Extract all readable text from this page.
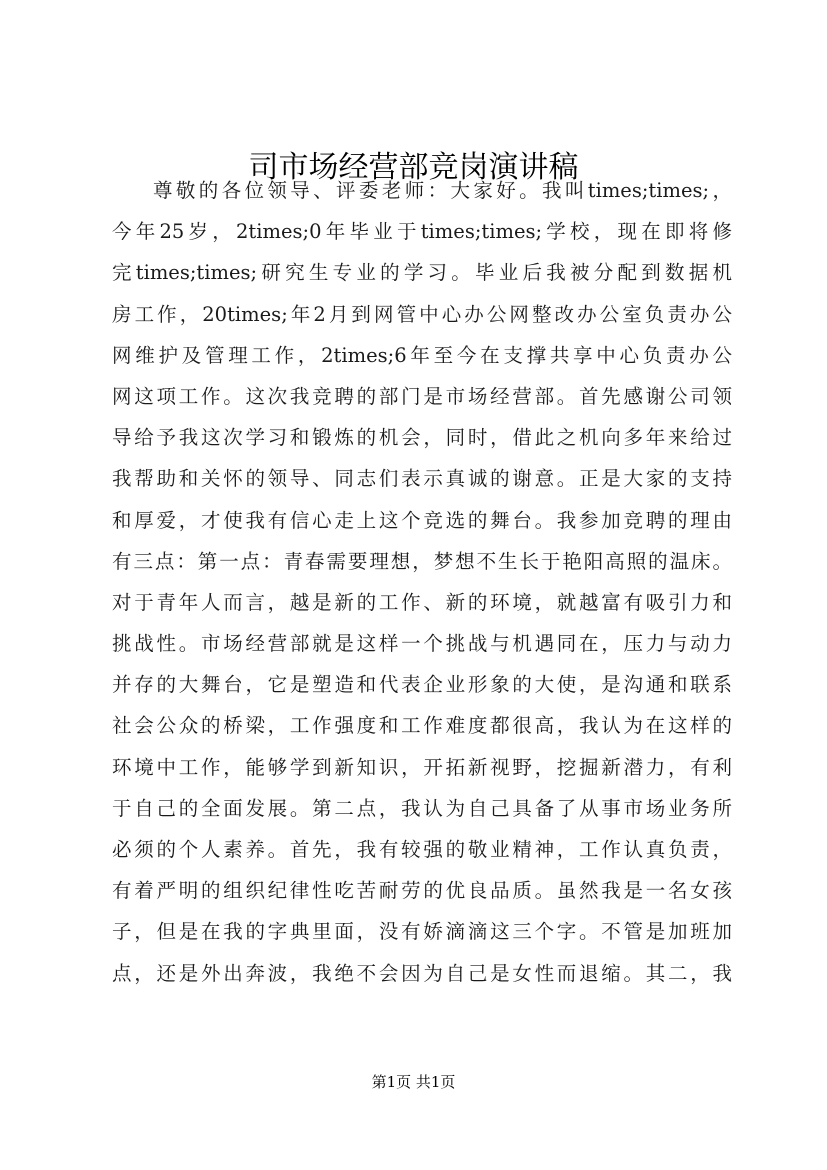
司市场经营部竞岗演讲稿
尊敬的各位领导、评委老师：大家好。我叫times;times;，
今年25岁，2times;0年毕业于times;times;学校，现在即将修
完times;times;研究生专业的学习。毕业后我被分配到数据机
房工作，20times;年2月到网管中心办公网整改办公室负责办公
网维护及管理工作，2times;6年至今在支撑共享中心负责办公
网这项工作。这次我竞聘的部门是市场经营部。首先感谢公司领
导给予我这次学习和锻炼的机会，同时，借此之机向多年来给过
我帮助和关怀的领导、同志们表示真诚的谢意。正是大家的支持
和厚爱，才使我有信心走上这个竞选的舞台。我参加竞聘的理由
有三点：第一点：青春需要理想，梦想不生长于艳阳高照的温床。
对于青年人而言，越是新的工作、新的环境，就越富有吸引力和
挑战性。市场经营部就是这样一个挑战与机遇同在，压力与动力
并存的大舞台，它是塑造和代表企业形象的大使，是沟通和联系
社会公众的桥梁，工作强度和工作难度都很高，我认为在这样的
环境中工作，能够学到新知识，开拓新视野，挖掘新潜力，有利
于自己的全面发展。第二点，我认为自己具备了从事市场业务所
必须的个人素养。首先，我有较强的敬业精神，工作认真负责，
有着严明的组织纪律性吃苦耐劳的优良品质。虽然我是一名女孩
子，但是在我的字典里面，没有娇滴滴这三个字。不管是加班加
点，还是外出奔波，我绝不会因为自己是女性而退缩。其二，我
第1页 共1页
